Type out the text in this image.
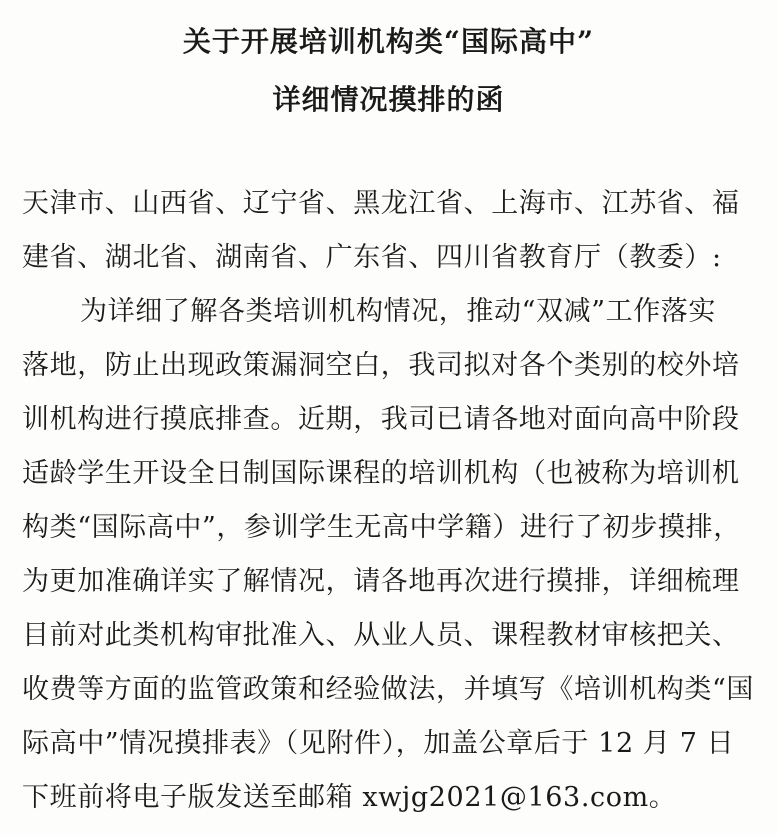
关于开展培训机构类“国际高中”
详细情况摸排的函
天津市、山西省、辽宁省、黑龙江省、上海市、江苏省、福
建省、湖北省、湖南省、广东省、四川省教育厅（教委）:
为详细了解各类培训机构情况，推动“双减”工作落实
落地，防止出现政策漏洞空白，我司拟对各个类别的校外培
训机构进行摸底排查。近期，我司已请各地对面向高中阶段
适龄学生开设全日制国际课程的培训机构（也被称为培训机
构类“国际高中”，参训学生无高中学籍）进行了初步摸排，
为更加准确详实了解情况，请各地再次进行摸排，详细梳理
目前对此类机构审批准入、从业人员、课程教材审核把关、
收费等方面的监管政策和经验做法，并填写《培训机构类“国
际高中”情况摸排表》（见附件），加盖公章后于 12 月 7 日
下班前将电子版发送至邮箱 xwjg2021@163.com。
